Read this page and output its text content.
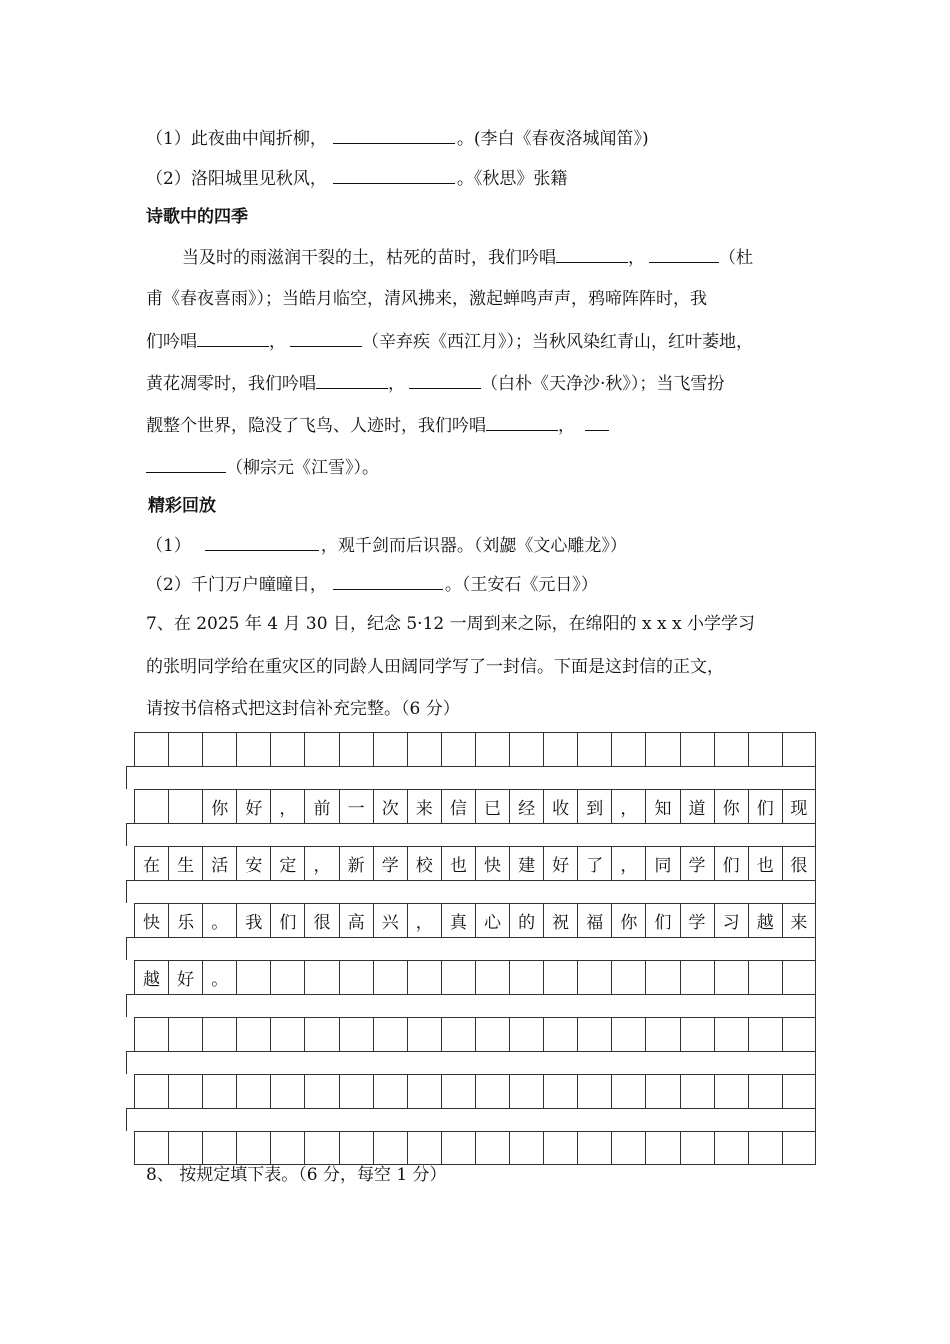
（1）此夜曲中闻折柳，	。(李白《春夜洛城闻笛》)
（2）洛阳城里见秋风，	。《秋思》张籍
诗歌中的四季
当及时的雨滋润干裂的土，枯死的苗时，我们吟唱	，	（杜
甫《春夜喜雨》）；当皓月临空，清风拂来，激起蝉鸣声声，鸦啼阵阵时，我
们吟唱	，	（辛弃疾《西江月》）；当秋风染红青山，红叶萎地，
黄花凋零时，我们吟唱	，	（白朴《天净沙·秋》）；当飞雪扮
靓整个世界，隐没了飞鸟、人迹时，我们吟唱	，
（柳宗元《江雪》）。
精彩回放
（1）	，观千剑而后识器。（刘勰《文心雕龙》）
（2）千门万户曈曈日，	。（王安石《元日》）
7、在 2025 年 4 月 30 日，纪念 5·12 一周到来之际，在绵阳的 x x x 小学学习
的张明同学给在重灾区的同龄人田阔同学写了一封信。下面是这封信的正文，
请按书信格式把这封信补充完整。（6 分）
你	好	，	前	一	次	来	信	已	经	收	到	，	知	道	你	们 现
在	生	活	安	定	，	新	学	校	也	快	建	好	了	，	同	学	们	也 很
快	乐	。	我	们	很	高	兴	，	真	心	的	祝	福	你	们	学	习	越 来
越	好	。
8、 按规定填下表。（6 分，每空 1 分）
